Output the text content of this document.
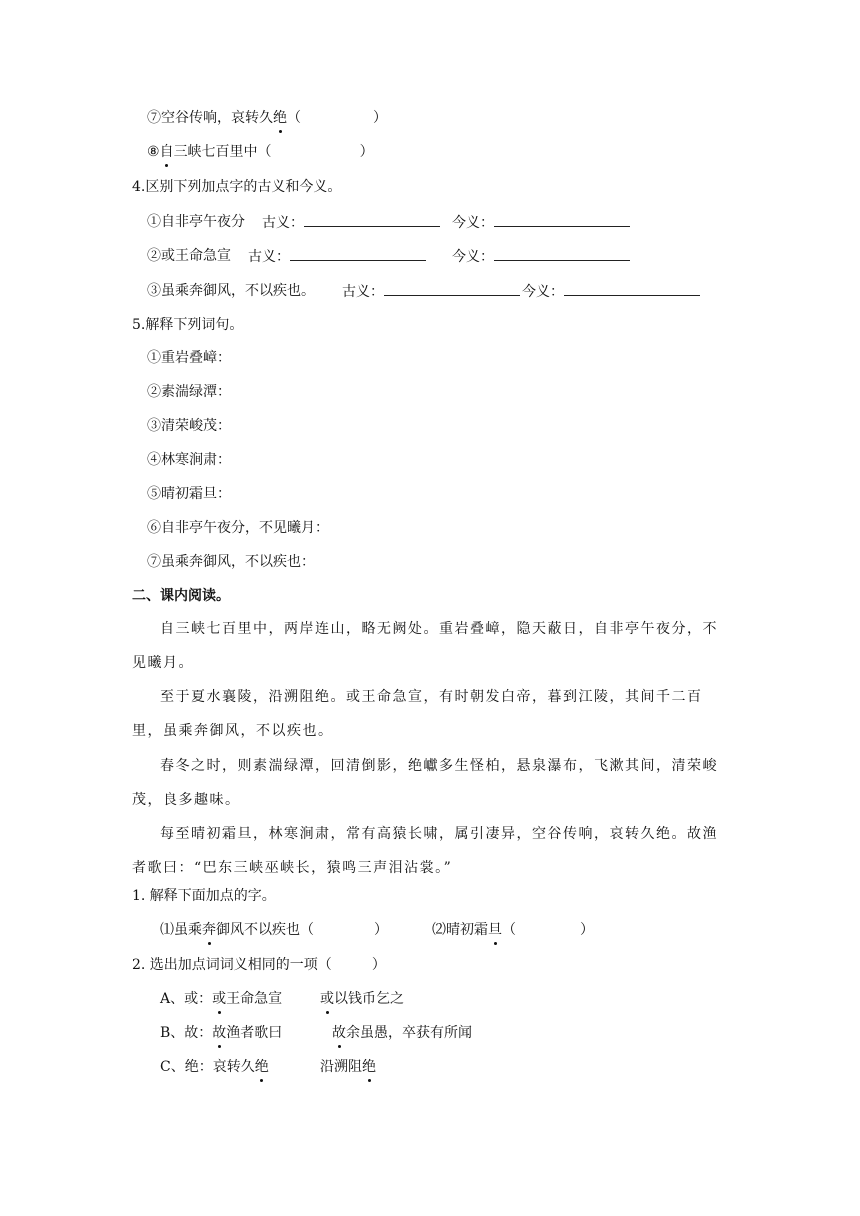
⑦空谷传响，哀转久绝（	）
⑧自三峡七百里中（	）
4.区别下列加点字的古义和今义。
①自非亭午夜分 古义：	今义：
②或王命急宣 古义：	今义：
③虽乘奔御风，不以疾也。 古义：	今义：
5.解释下列词句。
①重岩叠嶂：
②素湍绿潭：
③清荣峻茂：
④林寒涧肃：
⑤晴初霜旦：
⑥自非亭午夜分，不见曦月：
⑦虽乘奔御风，不以疾也：
二、课内阅读。
自三峡七百里中，两岸连山，略无阙处。重岩叠嶂，隐天蔽日，自非亭午夜分，不见曦月。
至于夏水襄陵，沿溯阻绝。或王命急宣，有时朝发白帝，暮到江陵，其间千二百里，虽乘奔御风，不以疾也。
春冬之时，则素湍绿潭，回清倒影，绝巘多生怪柏，悬泉瀑布，飞漱其间，清荣峻茂，良多趣味。
每至晴初霜旦，林寒涧肃，常有高猿长啸，属引凄异，空谷传响，哀转久绝。故渔者歌曰：“巴东三峡巫峡长，猿鸣三声泪沾裳。”
1. 解释下面加点的字。
⑴虽乘奔御风不以疾也（	）	⑵晴初霜旦（	）
2. 选出加点词词义相同的一项（	）
A、或：或王命急宣	或以钱币乞之
B、故：故渔者歌曰	故余虽愚，卒获有所闻
C、绝：哀转久绝	沿溯阻绝
